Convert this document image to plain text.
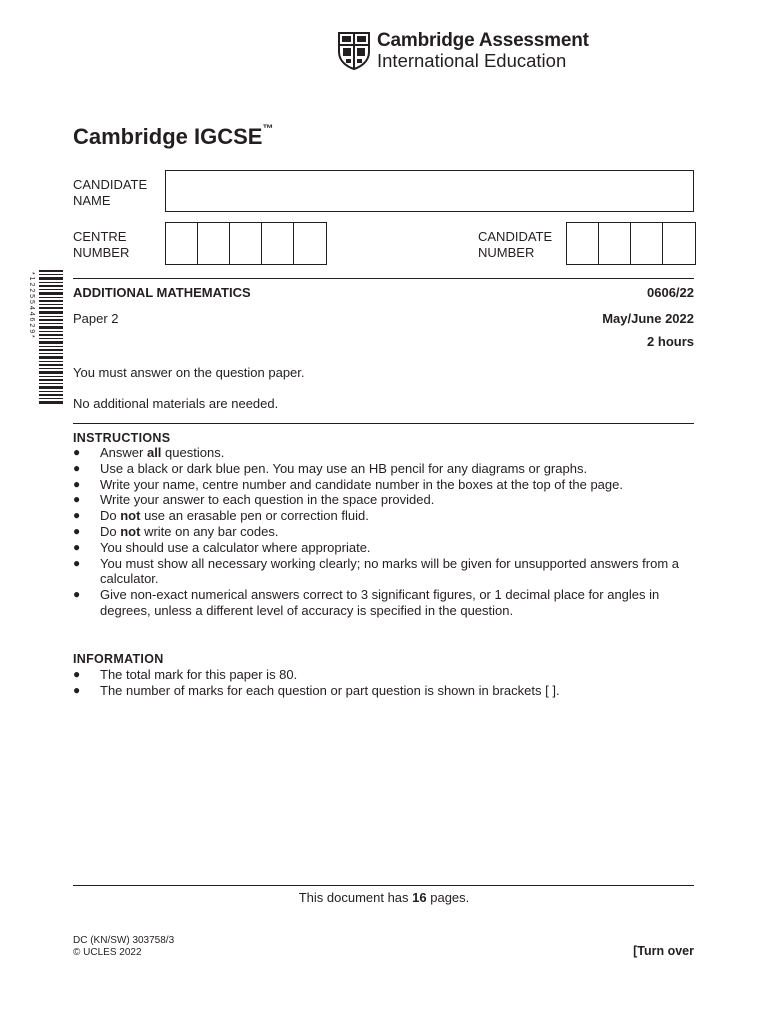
Cambridge Assessment
International Education
Cambridge IGCSE™
CANDIDATE
NAME
CENTRE
NUMBER
CANDIDATE
NUMBER
* 1 2 2 5 5 4 4 6 2 9 *	ADDITIONAL MATHEMATICS	0606/22
Paper 2	May/June 2022
2 hours
You must answer on the question paper.
No additional materials are needed.
INSTRUCTIONS
● Answer all questions.
● Use a black or dark blue pen. You may use an HB pencil for any diagrams or graphs.
● Write your name, centre number and candidate number in the boxes at the top of the page.
● Write your answer to each question in the space provided.
● Do not use an erasable pen or correction fluid.
● Do not write on any bar codes.
● You should use a calculator where appropriate.
● You must show all necessary working clearly; no marks will be given for unsupported answers from a calculator.
● Give non-exact numerical answers correct to 3 significant figures, or 1 decimal place for angles in degrees, unless a different level of accuracy is specified in the question.
INFORMATION
● The total mark for this paper is 80.
● The number of marks for each question or part question is shown in brackets [ ].
This document has 16 pages.
DC (KN/SW) 303758/3
© UCLES 2022	[Turn over
